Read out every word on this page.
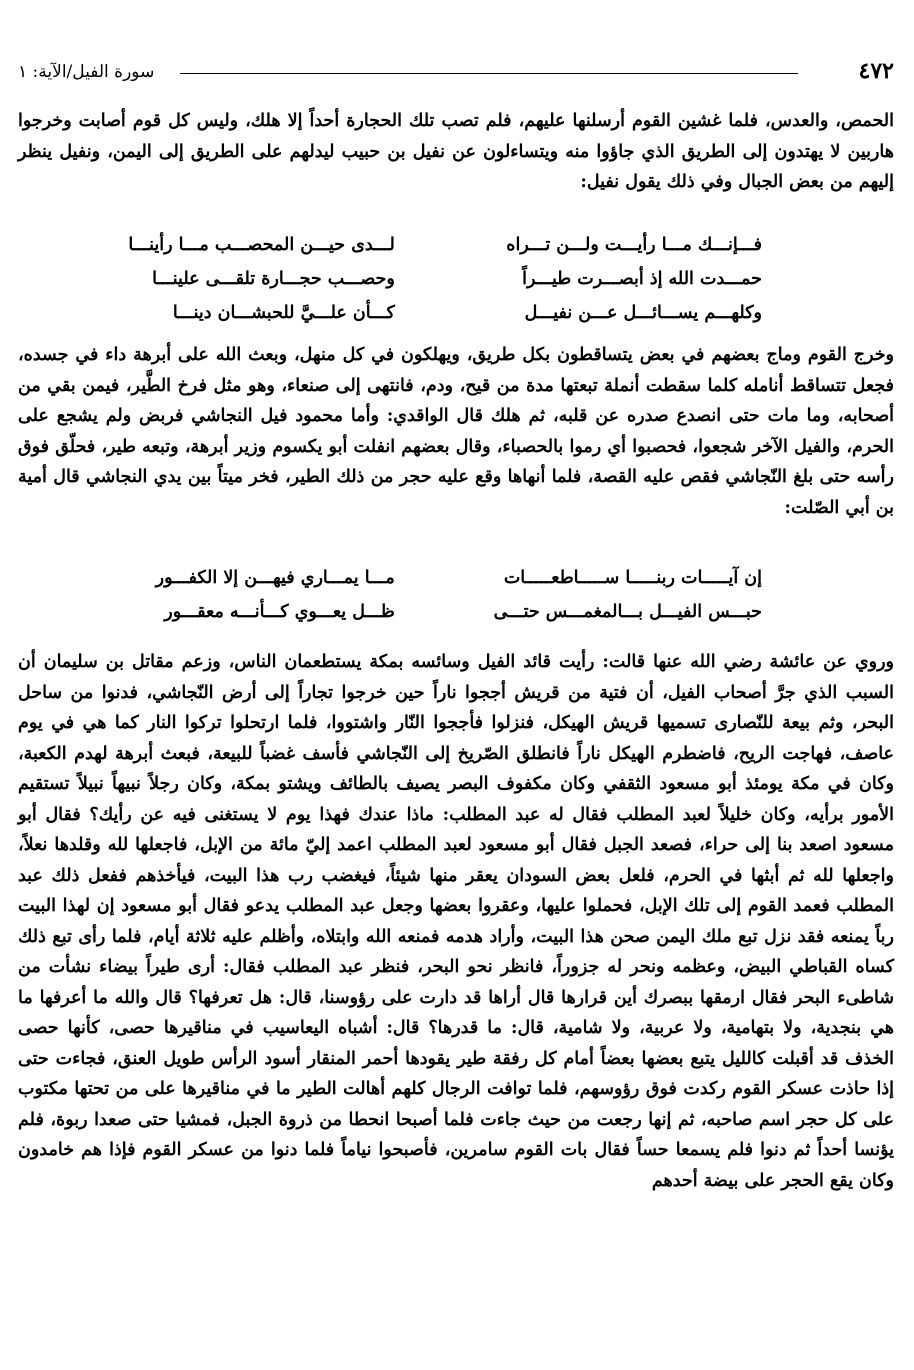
٤٧٢
سورة الفيل/الآية: ١

الحمص، والعدس، فلما غشين القوم أرسلنها عليهم، فلم تصب تلك الحجارة أحداً إلا هلك، وليس كل قوم أصابت وخرجوا هاربين لا يهتدون إلى الطريق الذي جاؤوا منه ويتساءلون عن نفيل بن حبيب ليدلهم على الطريق إلى اليمن، ونفيل ينظر إليهم من بعض الجبال وفي ذلك يقول نفيل:

فـــإنـــك مـــا رأيـــت ولـــن تـــراه
لـــدى حيـــن المحصـــب مـــا رأينـــا
حمـــدت الله إذ أبصـــرت طيـــراً
وحصـــب حجـــارة تلقـــى علينـــا
وكلهـــم يســـائـــل عـــن نفيـــل
كـــأن علـــيَّ للحبشـــان دينـــا

وخرج القوم وماج بعضهم في بعض يتساقطون بكل طريق، ويهلكون في كل منهل، وبعث الله على أبرهة داء في جسده، فجعل تتساقط أنامله كلما سقطت أنملة تبعتها مدة من قيح، ودم، فانتهى إلى صنعاء، وهو مثل فرخ الطَّير، فيمن بقي من أصحابه، وما مات حتى انصدع صدره عن قلبه، ثم هلك قال الواقدي: وأما محمود فيل النجاشي فربض ولم يشجع على الحرم، والفيل الآخر شجعوا، فحصبوا أي رموا بالحصباء، وقال بعضهم انفلت أبو يكسوم وزير أبرهة، وتبعه طير، فحلّق فوق رأسه حتى بلغ النّجاشي فقص عليه القصة، فلما أنهاها وقع عليه حجر من ذلك الطير، فخر ميتاً بين يدي النجاشي قال أمية بن أبي الصّلت:

إن آيـــــات ربنـــــا ســـــاطعـــــات
مـــا يمـــاري فيهـــن إلا الكفـــور
حبـــس الفيـــل بـــالمغمـــس حتـــى
ظـــل يعـــوي كـــأنـــه معقـــور

وروي عن عائشة رضي الله عنها قالت: رأيت قائد الفيل وسائسه بمكة يستطعمان الناس، وزعم مقاتل بن سليمان أن السبب الذي جرَّ أصحاب الفيل، أن فتية من قريش أججوا ناراً حين خرجوا تجاراً إلى أرض النّجاشي، فدنوا من ساحل البحر، وثم بيعة للنّصارى تسميها قريش الهيكل، فنزلوا فأججوا النّار واشتووا، فلما ارتحلوا تركوا النار كما هي في يوم عاصف، فهاجت الريح، فاضطرم الهيكل ناراً فانطلق الصّريخ إلى النّجاشي فأسف غضباً للبيعة، فبعث أبرهة لهدم الكعبة، وكان في مكة يومئذ أبو مسعود الثقفي وكان مكفوف البصر يصيف بالطائف ويشتو بمكة، وكان رجلاً نبيهاً نبيلاً تستقيم الأمور برأيه، وكان خليلاً لعبد المطلب فقال له عبد المطلب: ماذا عندك فهذا يوم لا يستغنى فيه عن رأيك؟ فقال أبو مسعود اصعد بنا إلى حراء، فصعد الجبل فقال أبو مسعود لعبد المطلب اعمد إليّ مائة من الإبل، فاجعلها لله وقلدها نعلاً، واجعلها لله ثم أبثها في الحرم، فلعل بعض السودان يعقر منها شيئاً، فيغضب رب هذا البيت، فيأخذهم ففعل ذلك عبد المطلب فعمد القوم إلى تلك الإبل، فحملوا عليها، وعقروا بعضها وجعل عبد المطلب يدعو فقال أبو مسعود إن لهذا البيت رباً يمنعه فقد نزل تبع ملك اليمن صحن هذا البيت، وأراد هدمه فمنعه الله وابتلاه، وأظلم عليه ثلاثة أيام، فلما رأى تبع ذلك كساه القباطي البيض، وعظمه ونحر له جزوراً، فانظر نحو البحر، فنظر عبد المطلب فقال: أرى طيراً بيضاء نشأت من شاطىء البحر فقال ارمقها ببصرك أين قرارها قال أراها قد دارت على رؤوسنا، قال: هل تعرفها؟ قال والله ما أعرفها ما هي بنجدية، ولا بتهامية، ولا عربية، ولا شامية، قال: ما قدرها؟ قال: أشباه اليعاسيب في مناقيرها حصى، كأنها حصى الخذف قد أقبلت كالليل يتبع بعضها بعضاً أمام كل رفقة طير يقودها أحمر المنقار أسود الرأس طويل العنق، فجاءت حتى إذا حاذت عسكر القوم ركدت فوق رؤوسهم، فلما توافت الرجال كلهم أهالت الطير ما في مناقيرها على من تحتها مكتوب على كل حجر اسم صاحبه، ثم إنها رجعت من حيث جاءت فلما أصبحا انحطا من ذروة الجبل، فمشيا حتى صعدا ربوة، فلم يؤنسا أحداً ثم دنوا فلم يسمعا حساً فقال بات القوم سامرين، فأصبحوا نياماً فلما دنوا من عسكر القوم فإذا هم خامدون وكان يقع الحجر على بيضة أحدهم
